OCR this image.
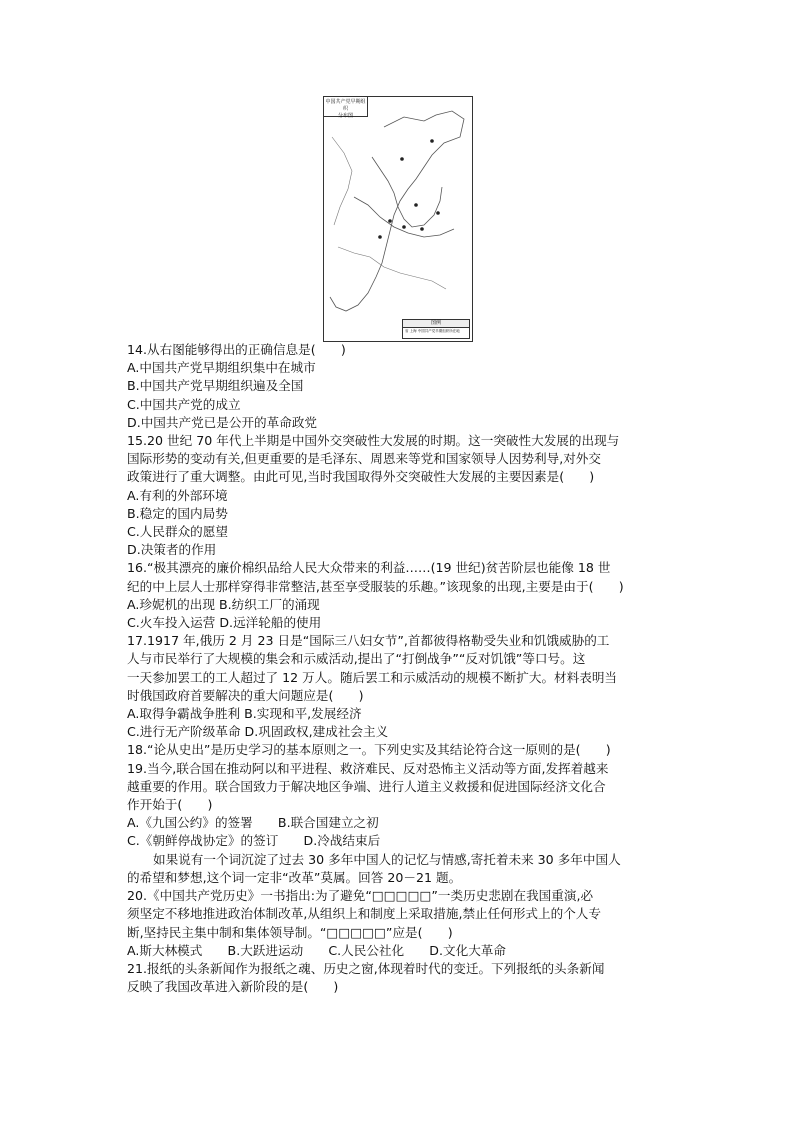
中国共产党早期组织
分布图
图例
省 上海 中国共产党早期组织所在地

14.从右图能够得出的正确信息是(　　)

A.中国共产党早期组织集中在城市

B.中国共产党早期组织遍及全国

C.中国共产党的成立

D.中国共产党已是公开的革命政党

15.20 世纪 70 年代上半期是中国外交突破性大发展的时期。这一突破性大发展的出现与

国际形势的变动有关,但更重要的是毛泽东、周恩来等党和国家领导人因势利导,对外交

政策进行了重大调整。由此可见,当时我国取得外交突破性大发展的主要因素是(　　)

A.有利的外部环境

B.稳定的国内局势

C.人民群众的愿望

D.决策者的作用

16.“极其漂亮的廉价棉织品给人民大众带来的利益……(19 世纪)贫苦阶层也能像 18 世

纪的中上层人士那样穿得非常整洁,甚至享受服装的乐趣。”该现象的出现,主要是由于(　　)

A.珍妮机的出现 B.纺织工厂的涌现

C.火车投入运营 D.远洋轮船的使用

17.1917 年,俄历 2 月 23 日是“国际三八妇女节”,首都彼得格勒受失业和饥饿威胁的工

人与市民举行了大规模的集会和示威活动,提出了“打倒战争”“反对饥饿”等口号。这

一天参加罢工的工人超过了 12 万人。随后罢工和示威活动的规模不断扩大。材料表明当

时俄国政府首要解决的重大问题应是(　　)

A.取得争霸战争胜利 B.实现和平,发展经济

C.进行无产阶级革命 D.巩固政权,建成社会主义

18.“论从史出”是历史学习的基本原则之一。下列史实及其结论符合这一原则的是(　　)

19.当今,联合国在推动阿以和平进程、救济难民、反对恐怖主义活动等方面,发挥着越来

越重要的作用。联合国致力于解决地区争端、进行人道主义救援和促进国际经济文化合

作开始于(　　)

A.《九国公约》的签署　　B.联合国建立之初

C.《朝鲜停战协定》的签订　　D.冷战结束后

如果说有一个词沉淀了过去 30 多年中国人的记忆与情感,寄托着未来 30 多年中国人

的希望和梦想,这个词一定非“改革”莫属。回答 20－21 题。

20.《中国共产党历史》一书指出:为了避免“□□□□□”一类历史悲剧在我国重演,必

须坚定不移地推进政治体制改革,从组织上和制度上采取措施,禁止任何形式上的个人专

断,坚持民主集中制和集体领导制。“□□□□□”应是(　　)

A.斯大林模式　　B.大跃进运动　　C.人民公社化　　D.文化大革命

21.报纸的头条新闻作为报纸之魂、历史之窗,体现着时代的变迁。下列报纸的头条新闻

反映了我国改革进入新阶段的是(　　)
